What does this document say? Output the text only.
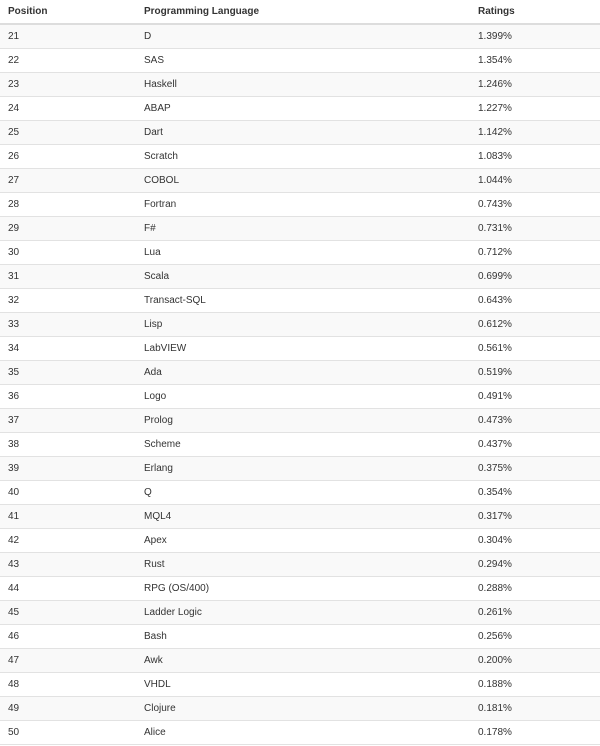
Position	Programming Language	Ratings
21	D	1.399%
22	SAS	1.354%
23	Haskell	1.246%
24	ABAP	1.227%
25	Dart	1.142%
26	Scratch	1.083%
27	COBOL	1.044%
28	Fortran	0.743%
29	F#	0.731%
30	Lua	0.712%
31	Scala	0.699%
32	Transact-SQL	0.643%
33	Lisp	0.612%
34	LabVIEW	0.561%
35	Ada	0.519%
36	Logo	0.491%
37	Prolog	0.473%
38	Scheme	0.437%
39	Erlang	0.375%
40	Q	0.354%
41	MQL4	0.317%
42	Apex	0.304%
43	Rust	0.294%
44	RPG (OS/400)	0.288%
45	Ladder Logic	0.261%
46	Bash	0.256%
47	Awk	0.200%
48	VHDL	0.188%
49	Clojure	0.181%
50	Alice	0.178%
